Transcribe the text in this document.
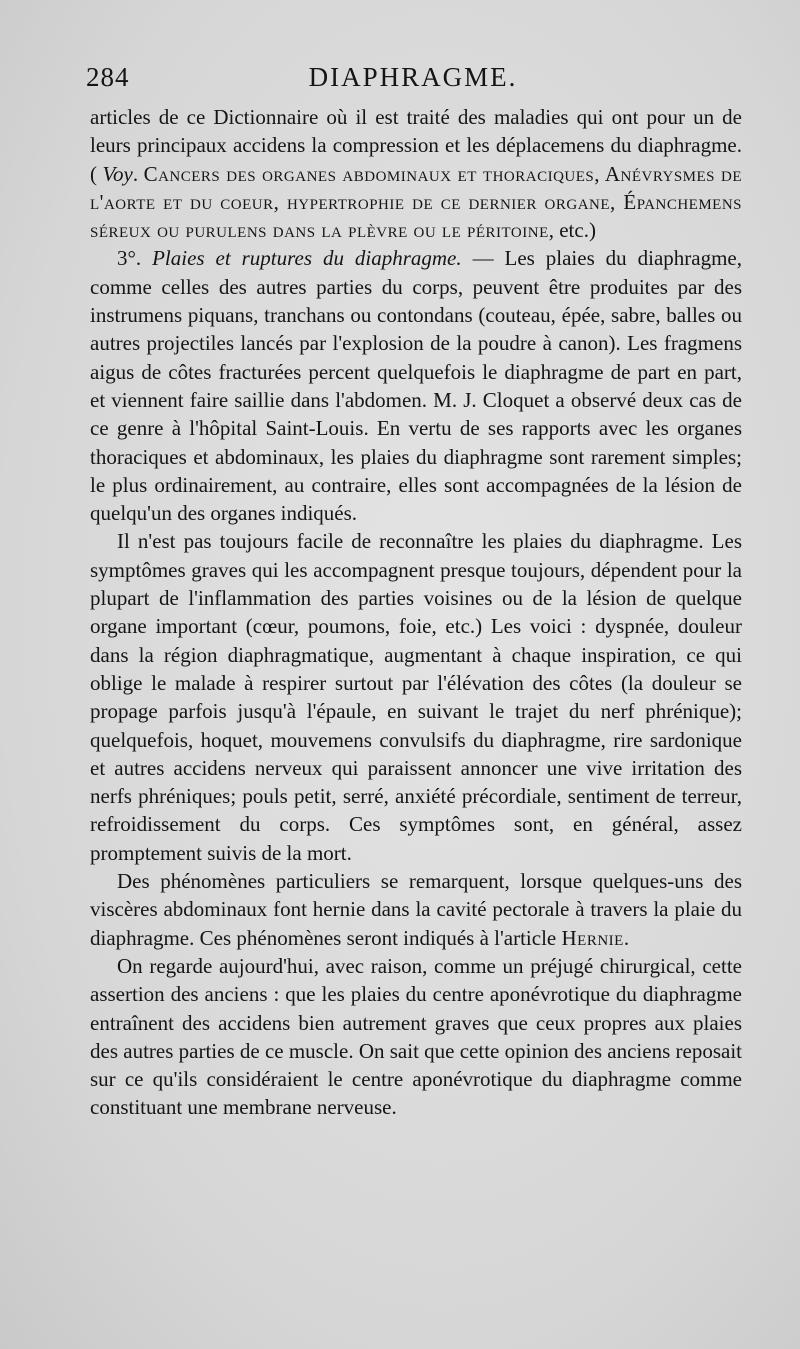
284	DIAPHRAGME.

articles de ce Dictionnaire où il est traité des maladies qui ont pour un de leurs principaux accidens la compression et les déplacemens du diaphragme. ( Voy. Cancers des organes abdominaux et thoraciques, Anévrysmes de l'aorte et du coeur, hypertrophie de ce dernier organe, Épanchemens séreux ou purulens dans la plèvre ou le péritoine, etc.)

3°. Plaies et ruptures du diaphragme. — Les plaies du diaphragme, comme celles des autres parties du corps, peuvent être produites par des instrumens piquans, tranchans ou contondans (couteau, épée, sabre, balles ou autres projectiles lancés par l'explosion de la poudre à canon). Les fragmens aigus de côtes fracturées percent quelquefois le diaphragme de part en part, et viennent faire saillie dans l'abdomen. M. J. Cloquet a observé deux cas de ce genre à l'hôpital Saint-Louis. En vertu de ses rapports avec les organes thoraciques et abdominaux, les plaies du diaphragme sont rarement simples; le plus ordinairement, au contraire, elles sont accompagnées de la lésion de quelqu'un des organes indiqués.

Il n'est pas toujours facile de reconnaître les plaies du diaphragme. Les symptômes graves qui les accompagnent presque toujours, dépendent pour la plupart de l'inflammation des parties voisines ou de la lésion de quelque organe important (cœur, poumons, foie, etc.) Les voici : dyspnée, douleur dans la région diaphragmatique, augmentant à chaque inspiration, ce qui oblige le malade à respirer surtout par l'élévation des côtes (la douleur se propage parfois jusqu'à l'épaule, en suivant le trajet du nerf phrénique); quelquefois, hoquet, mouvemens convulsifs du diaphragme, rire sardonique et autres accidens nerveux qui paraissent annoncer une vive irritation des nerfs phréniques; pouls petit, serré, anxiété précordiale, sentiment de terreur, refroidissement du corps. Ces symptômes sont, en général, assez promptement suivis de la mort.

Des phénomènes particuliers se remarquent, lorsque quelques-uns des viscères abdominaux font hernie dans la cavité pectorale à travers la plaie du diaphragme. Ces phénomènes seront indiqués à l'article Hernie.

On regarde aujourd'hui, avec raison, comme un préjugé chirurgical, cette assertion des anciens : que les plaies du centre aponévrotique du diaphragme entraînent des accidens bien autrement graves que ceux propres aux plaies des autres parties de ce muscle. On sait que cette opinion des anciens reposait sur ce qu'ils considéraient le centre aponévrotique du diaphragme comme constituant une membrane nerveuse.
